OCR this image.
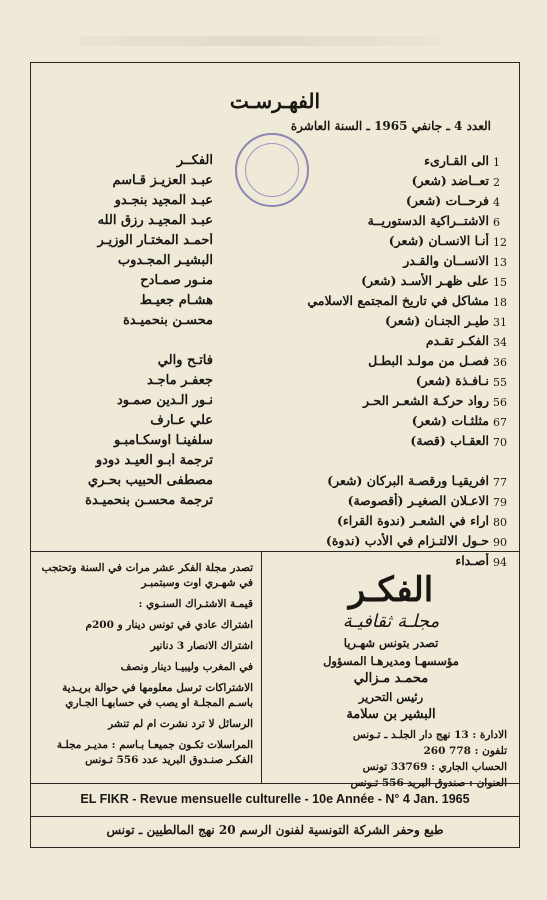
الفهـرسـت
العدد 4 ـ جانفي 1965 ـ السنة العاشرة
1
الى القـارىء
الفكــر
2
تعــاضد (شعر)
عبـد العزيـز قـاسم
4
فرحــات (شعر)
عبـد المجيد بنجـدو
6
الاشتــراكية الدستوريــة
عبـد المجيـد رزق الله
12
أنـا الانسـان (شعر)
أحمـد المختـار الوزيـر
13
الانســان والقـدر
البشيـر المجـدوب
15
على ظهـر الأسـد (شعر)
منـور صمـادح
18
مشاكل في تاريخ المجتمع الاسلامي
هشـام جعيـط
31
طيـر الجنـان (شعر)
محسـن بنحميـدة
34
الفكـر تقـدم
36
فصـل من مولـد البطـل
فاتـح والي
55
نـافـذة (شعر)
جعفـر ماجـد
56
رواد حركـة الشعـر الحـر
نـور الـدين صمـود
67
مثلثـات (شعر)
علي عـارف
70
العقـاب (قصة)
سلفينـا اوسكـامبـو
ترجمة أبـو العيـد دودو
77
افريقيـا ورقصـة البركان (شعر)
مصطفى الحبيب بحـري
79
الاعـلان الصغيـر (أقصوصة)
ترجمة محسـن بنحميـدة
80
اراء في الشعـر (ندوة القراء)
90
حـول الالتـزام في الأدب (ندوة)
94
أصـداء

تصدر مجلة الفكر عشر مرات في السنة وتحتجب في شهـري اوت وسبتمبـر

قيمـة الاشتـراك السنـوي :

اشتراك عادي في تونس دينار و 200م

اشتراك الانصار 3 دنانير

في المغرب وليبيـا دينار ونصف

الاشتراكات ترسل معلومها في حوالة بريـدية باسـم المجلـة او يصب في حسابهـا الجـاري

الرسائل لا ترد نشرت ام لم تنشر

المراسلات تكـون جميعـا بـاسم : مديـر مجلـة الفكـر صنـدوق البريد عدد 556 تـونس

الفكـر
مجلـة ثقافيـة
تصدر بتونس شهـريا
مؤسسهـا ومديرهـا المسؤول
محمـد مـزالي
رئيس التحرير
البشير بن سلامة
الادارة : 13 نهج دار الجلـد ـ تـونس
تلفون : 778 260
الحساب الجاري : 33769 تونس
العنوان : صندوق البريد 556 تـونس
EL FIKR - Revue mensuelle culturelle - 10e Année - N° 4 Jan. 1965
طبع وحفر الشركة التونسية لفنون الرسم 20 نهج المالطيين ـ تونس
